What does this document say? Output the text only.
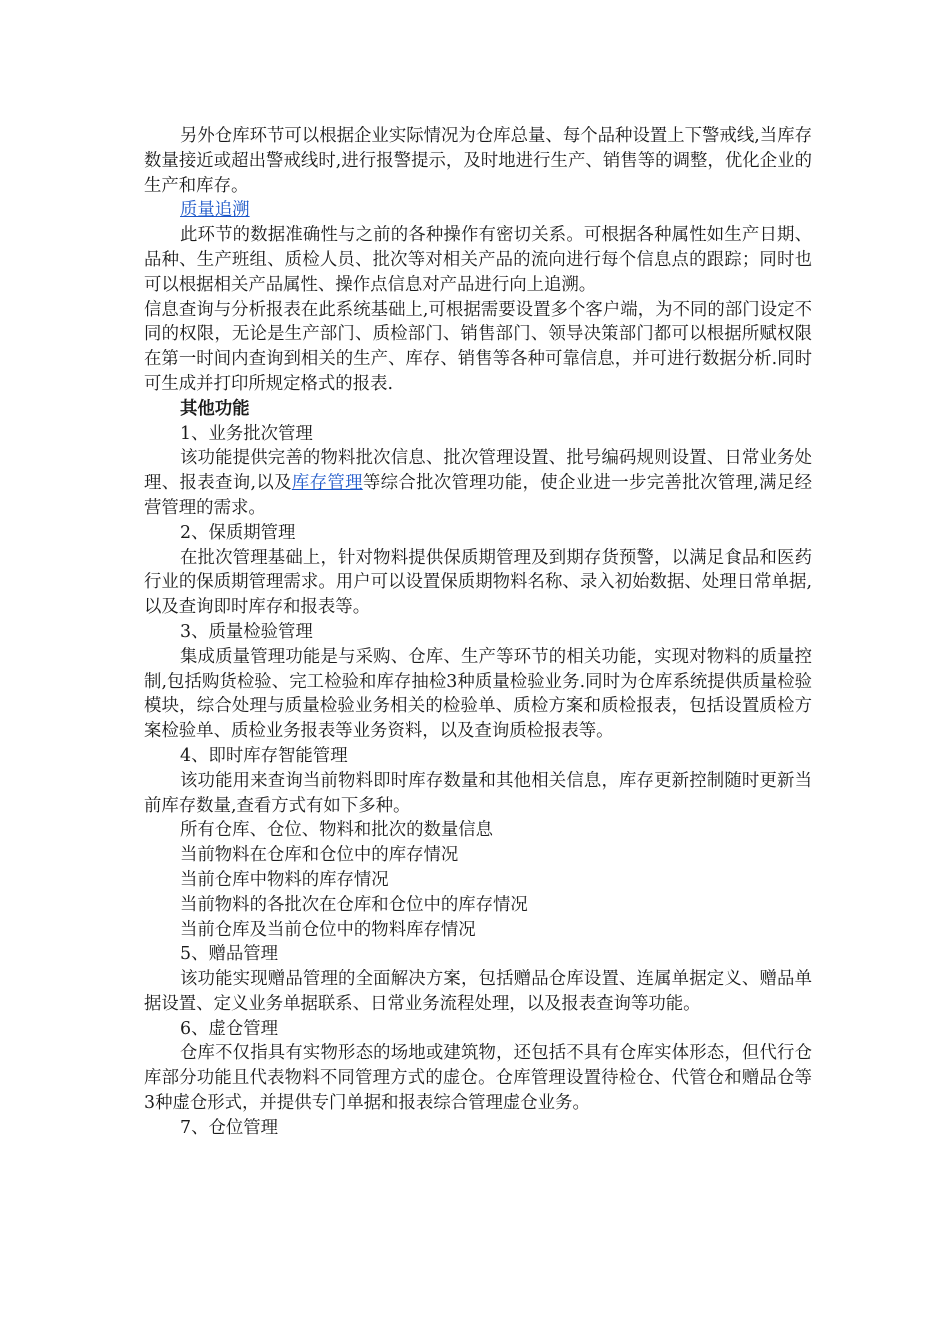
另外仓库环节可以根据企业实际情况为仓库总量、每个品种设置上下警戒线,当库存数量接近或超出警戒线时,进行报警提示，及时地进行生产、销售等的调整，优化企业的生产和库存。

质量追溯

此环节的数据准确性与之前的各种操作有密切关系。可根据各种属性如生产日期、品种、生产班组、质检人员、批次等对相关产品的流向进行每个信息点的跟踪；同时也可以根据相关产品属性、操作点信息对产品进行向上追溯。

信息查询与分析报表在此系统基础上,可根据需要设置多个客户端，为不同的部门设定不同的权限，无论是生产部门、质检部门、销售部门、领导决策部门都可以根据所赋权限在第一时间内查询到相关的生产、库存、销售等各种可靠信息，并可进行数据分析.同时可生成并打印所规定格式的报表.

其他功能

1、业务批次管理

该功能提供完善的物料批次信息、批次管理设置、批号编码规则设置、日常业务处理、报表查询,以及库存管理等综合批次管理功能，使企业进一步完善批次管理,满足经营管理的需求。

2、保质期管理

在批次管理基础上，针对物料提供保质期管理及到期存货预警，以满足食品和医药行业的保质期管理需求。用户可以设置保质期物料名称、录入初始数据、处理日常单据,以及查询即时库存和报表等。

3、质量检验管理

集成质量管理功能是与采购、仓库、生产等环节的相关功能，实现对物料的质量控制,包括购货检验、完工检验和库存抽检3种质量检验业务.同时为仓库系统提供质量检验模块，综合处理与质量检验业务相关的检验单、质检方案和质检报表，包括设置质检方案检验单、质检业务报表等业务资料，以及查询质检报表等。

4、即时库存智能管理

该功能用来查询当前物料即时库存数量和其他相关信息，库存更新控制随时更新当前库存数量,查看方式有如下多种。

所有仓库、仓位、物料和批次的数量信息

当前物料在仓库和仓位中的库存情况

当前仓库中物料的库存情况

当前物料的各批次在仓库和仓位中的库存情况

当前仓库及当前仓位中的物料库存情况

5、赠品管理

该功能实现赠品管理的全面解决方案，包括赠品仓库设置、连属单据定义、赠品单据设置、定义业务单据联系、日常业务流程处理，以及报表查询等功能。

6、虚仓管理

仓库不仅指具有实物形态的场地或建筑物，还包括不具有仓库实体形态，但代行仓库部分功能且代表物料不同管理方式的虚仓。仓库管理设置待检仓、代管仓和赠品仓等3种虚仓形式，并提供专门单据和报表综合管理虚仓业务。

7、仓位管理
